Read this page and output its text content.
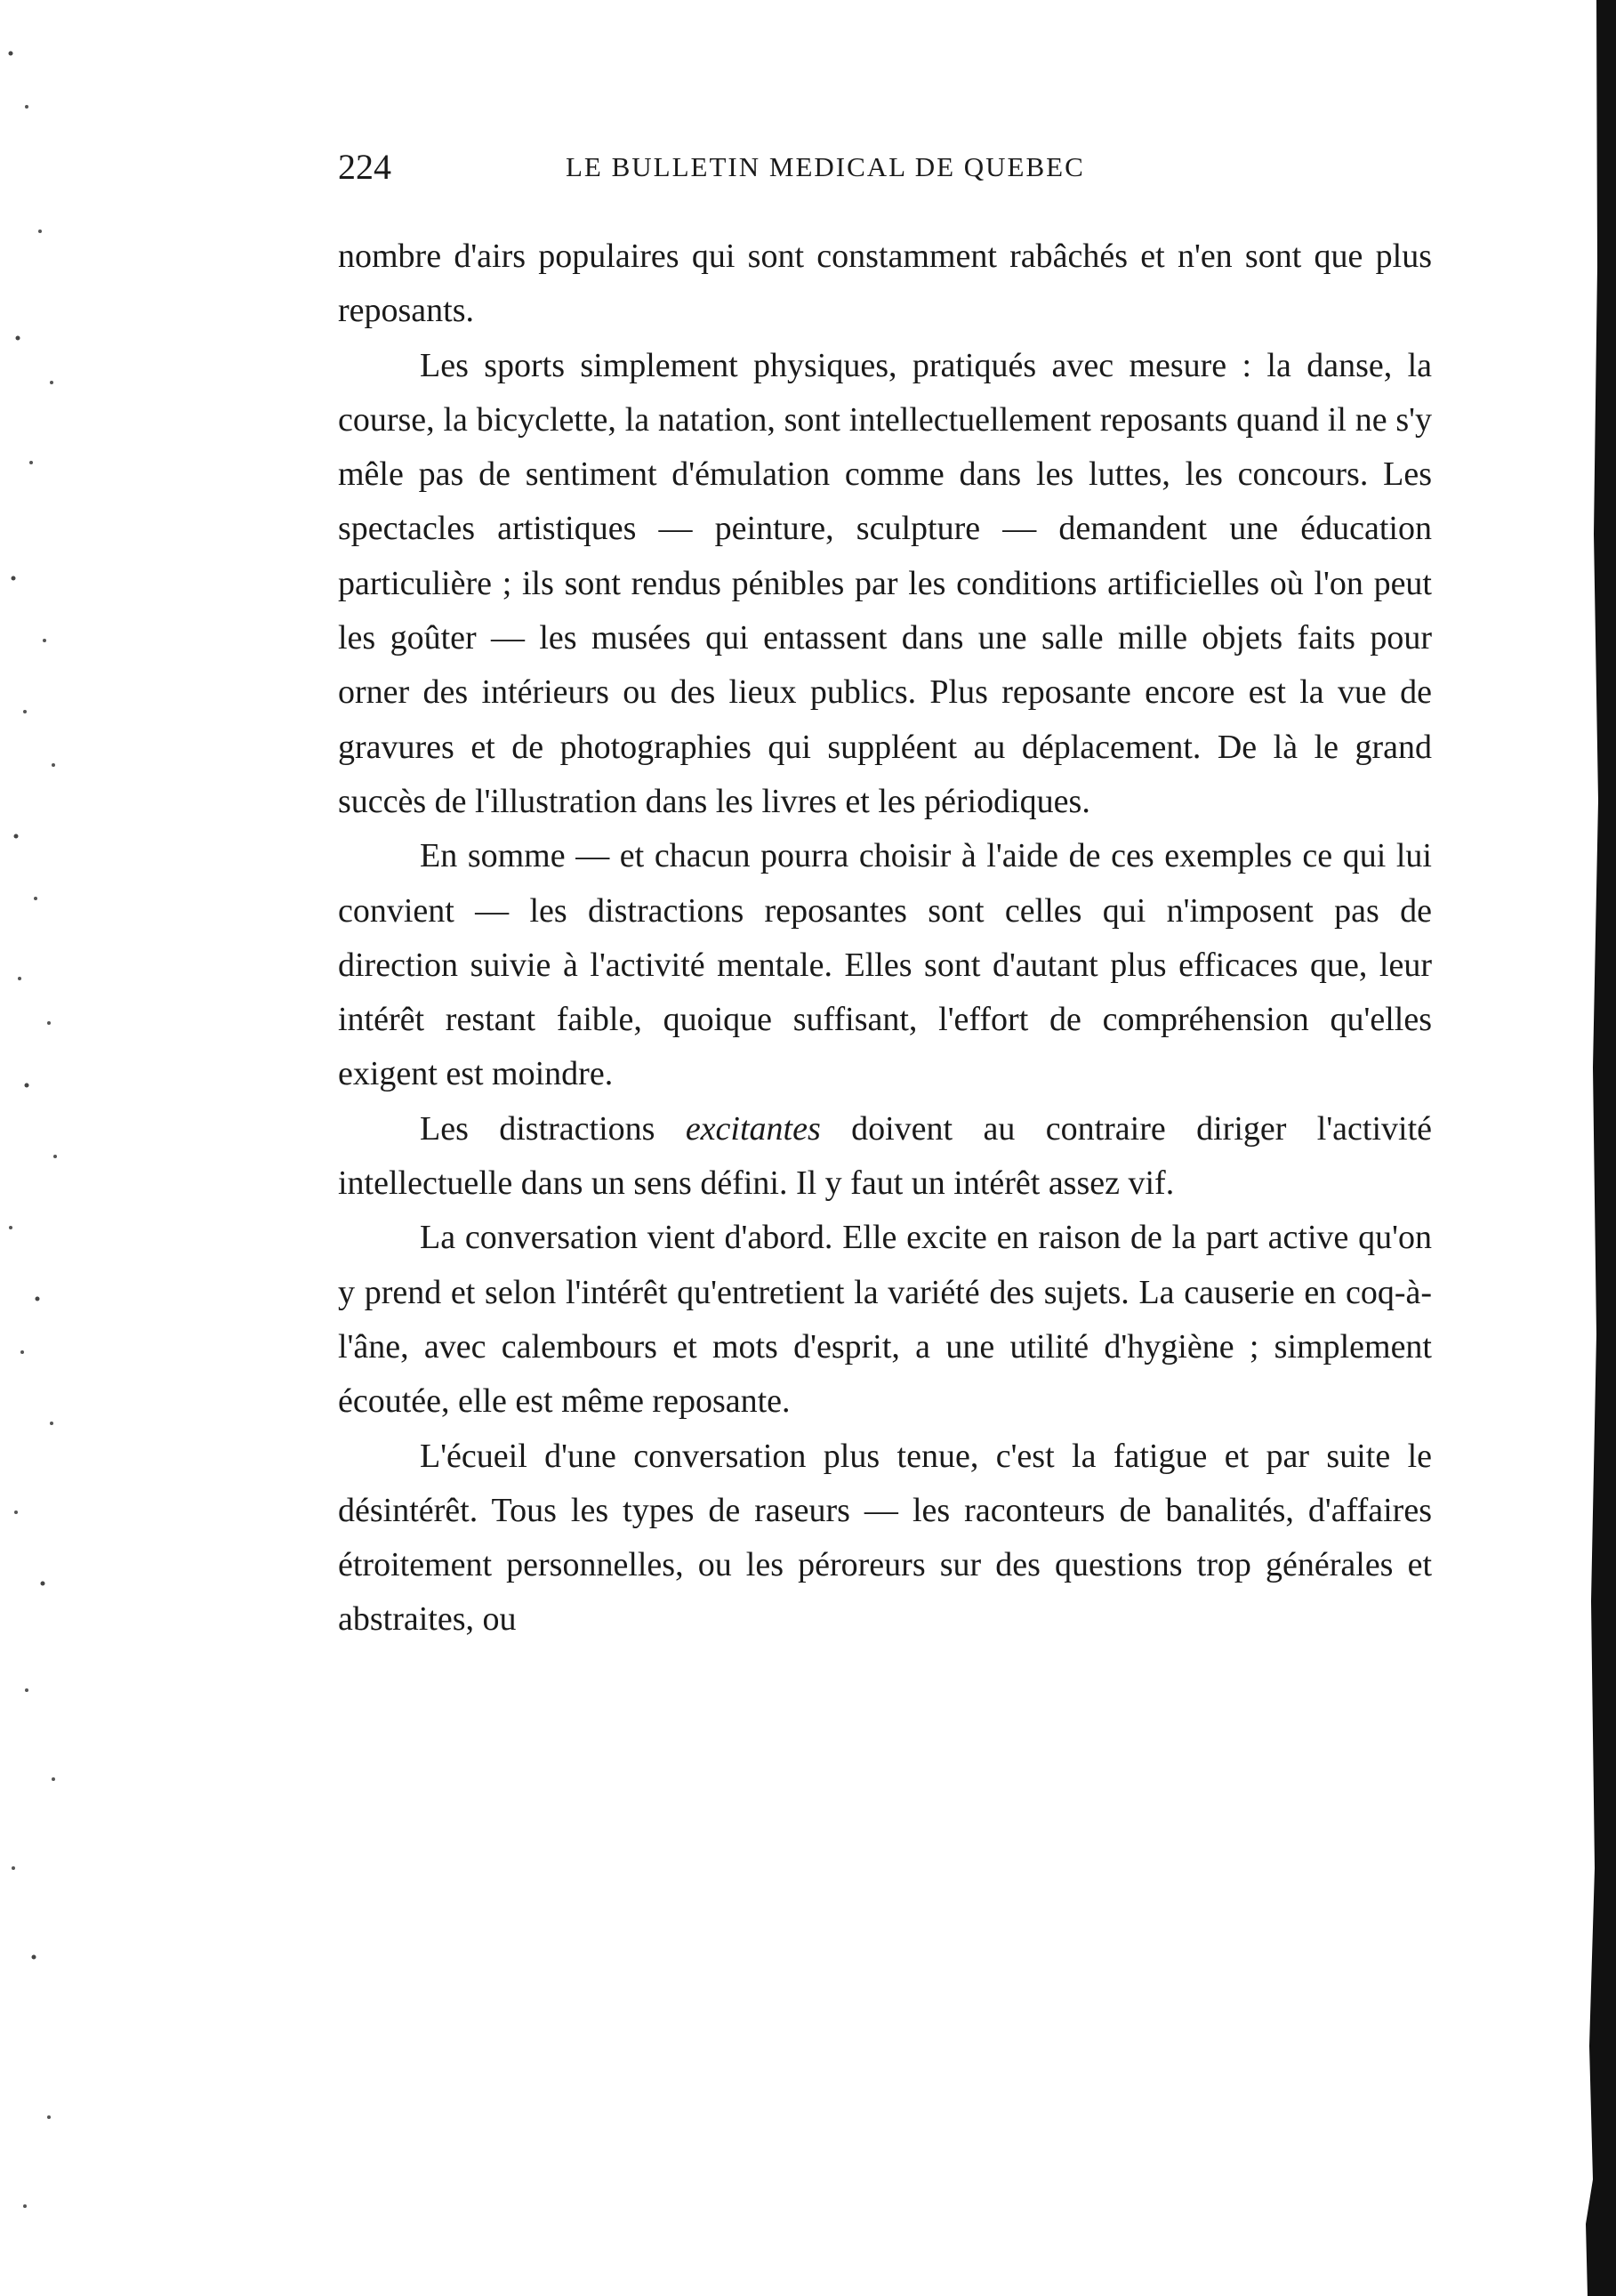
224	LE BULLETIN MEDICAL DE QUEBEC

nombre d'airs populaires qui sont constamment rabâchés et n'en sont que plus reposants.

Les sports simplement physiques, pratiqués avec mesure : la danse, la course, la bicyclette, la natation, sont intellectuellement reposants quand il ne s'y mêle pas de sentiment d'émulation comme dans les luttes, les concours. Les spectacles artistiques — peinture, sculpture — demandent une éducation particulière ; ils sont rendus pénibles par les conditions artificielles où l'on peut les goûter — les musées qui entassent dans une salle mille objets faits pour orner des intérieurs ou des lieux publics. Plus reposante encore est la vue de gravures et de photographies qui suppléent au déplacement. De là le grand succès de l'illustration dans les livres et les périodiques.

En somme — et chacun pourra choisir à l'aide de ces exemples ce qui lui convient — les distractions reposantes sont celles qui n'imposent pas de direction suivie à l'activité mentale. Elles sont d'autant plus efficaces que, leur intérêt restant faible, quoique suffisant, l'effort de compréhension qu'elles exigent est moindre.

Les distractions excitantes doivent au contraire diriger l'activité intellectuelle dans un sens défini. Il y faut un intérêt assez vif.

La conversation vient d'abord. Elle excite en raison de la part active qu'on y prend et selon l'intérêt qu'entretient la variété des sujets. La causerie en coq-à-l'âne, avec calembours et mots d'esprit, a une utilité d'hygiène ; simplement écoutée, elle est même reposante.

L'écueil d'une conversation plus tenue, c'est la fatigue et par suite le désintérêt. Tous les types de raseurs — les raconteurs de banalités, d'affaires étroitement personnelles, ou les péroreurs sur des questions trop générales et abstraites, ou
